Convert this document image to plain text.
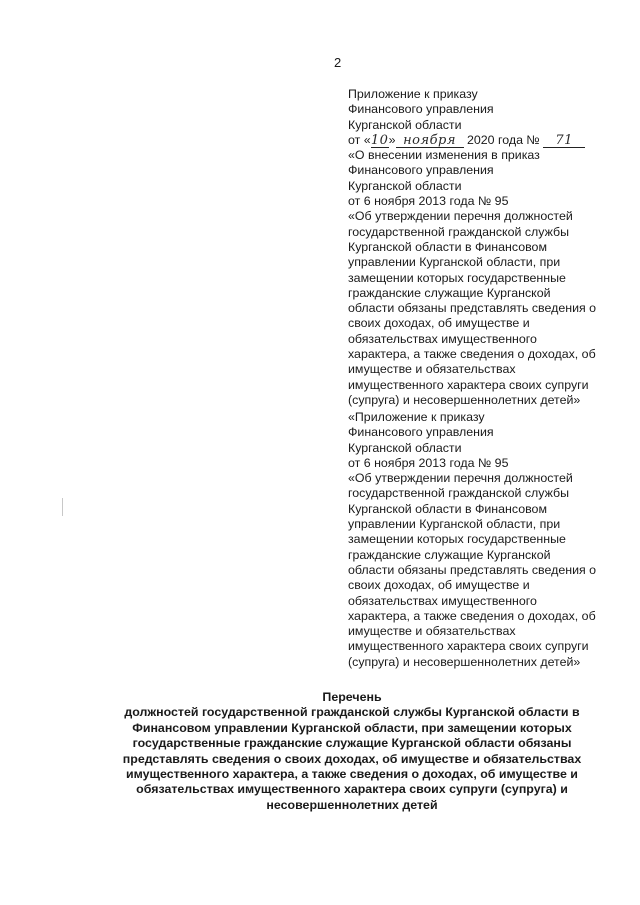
2
Приложение к приказу
Финансового управления
Курганской области
от «10» ноября 2020 года № 71
«О внесении изменения в приказ
Финансового управления
Курганской области
от 6 ноября 2013 года № 95
«Об утверждении перечня должностей
государственной гражданской службы
Курганской области в Финансовом
управлении Курганской области, при
замещении которых государственные
гражданские служащие Курганской
области обязаны представлять сведения о
своих доходах, об имуществе и
обязательствах имущественного
характера, а также сведения о доходах, об
имуществе и обязательствах
имущественного характера своих супруги
(супруга) и несовершеннолетних детей»
«Приложение к приказу
Финансового управления
Курганской области
от 6 ноября 2013 года № 95
«Об утверждении перечня должностей
государственной гражданской службы
Курганской области в Финансовом
управлении Курганской области, при
замещении которых государственные
гражданские служащие Курганской
области обязаны представлять сведения о
своих доходах, об имуществе и
обязательствах имущественного
характера, а также сведения о доходах, об
имуществе и обязательствах
имущественного характера своих супруги
(супруга) и несовершеннолетних детей»
Перечень
должностей государственной гражданской службы Курганской области в
Финансовом управлении Курганской области, при замещении которых
государственные гражданские служащие Курганской области обязаны
представлять сведения о своих доходах, об имуществе и обязательствах
имущественного характера, а также сведения о доходах, об имуществе и
обязательствах имущественного характера своих супруги (супруга) и
несовершеннолетних детей
